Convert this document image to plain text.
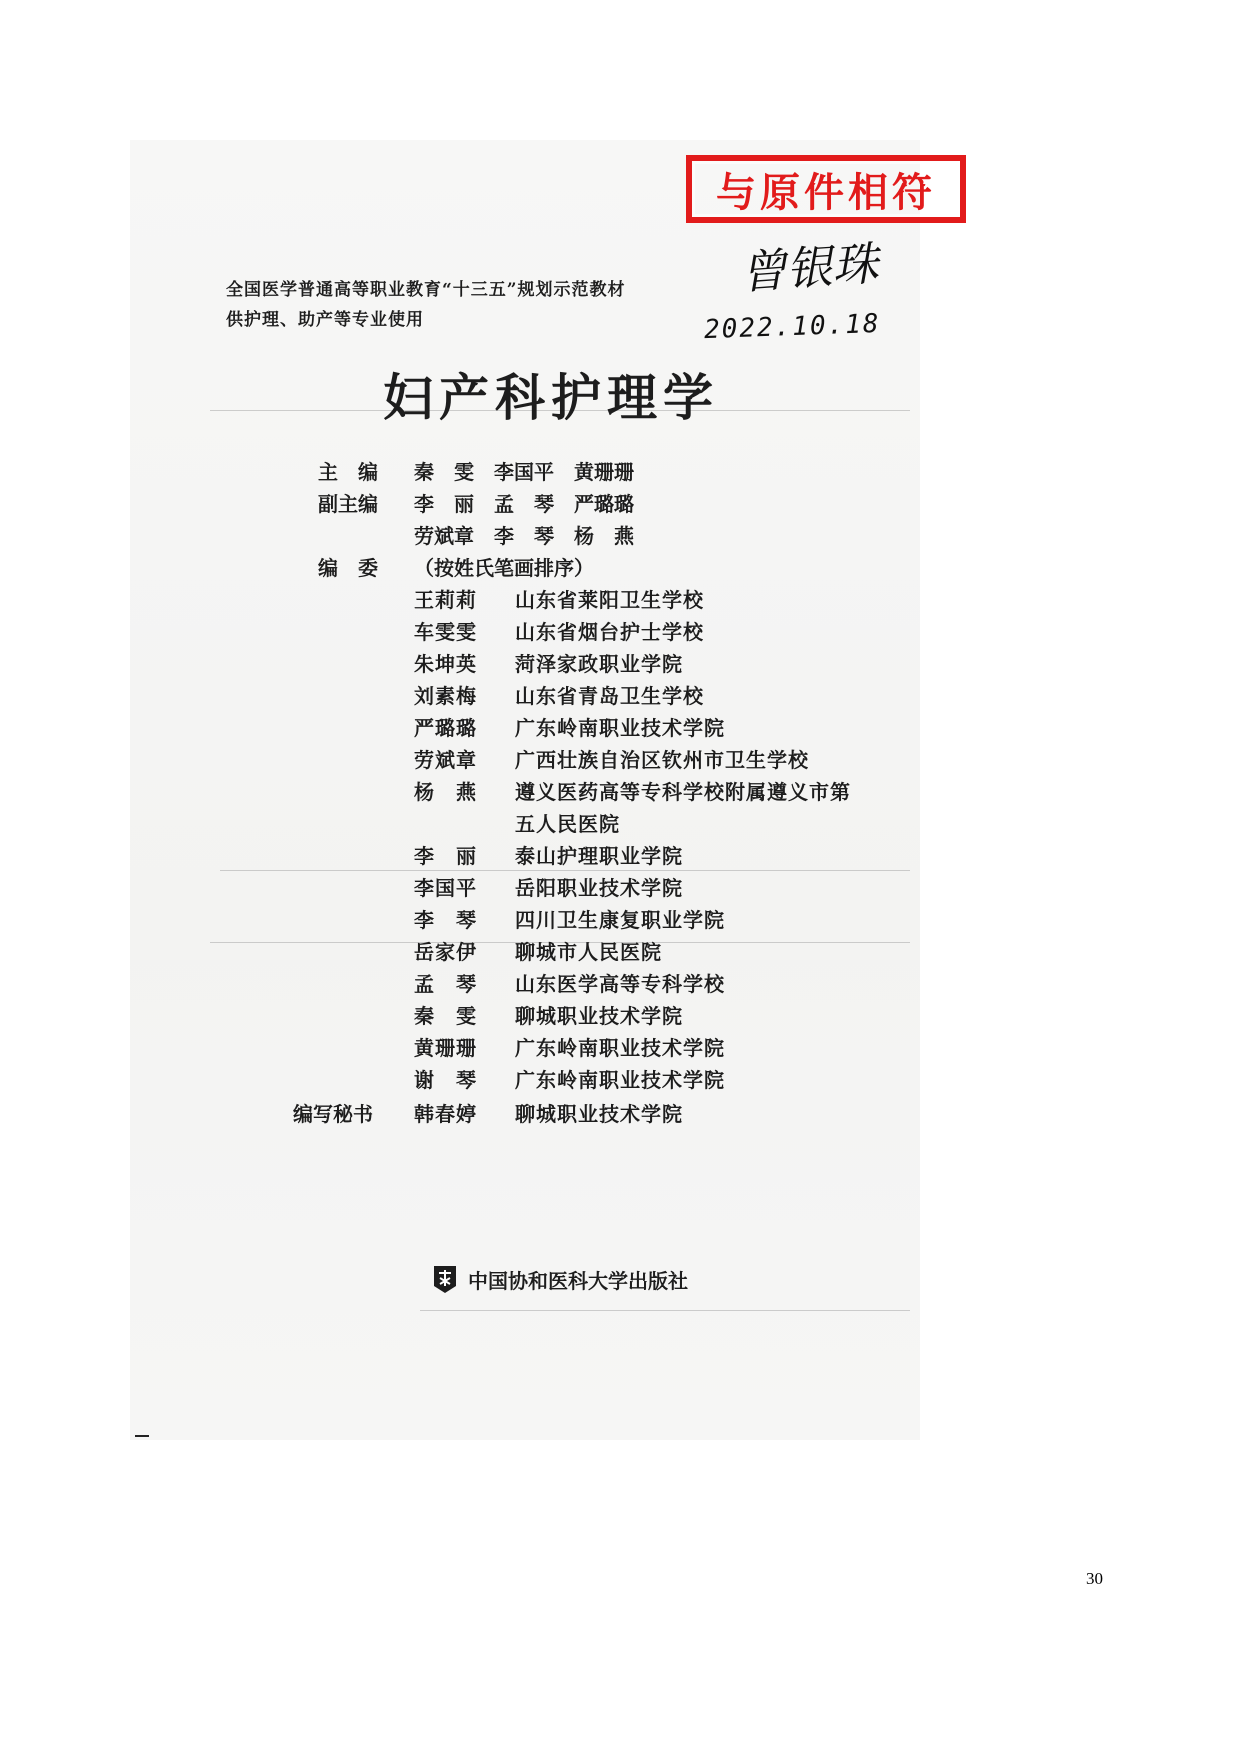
全国医学普通高等职业教育“十三五”规划示范教材
供护理、助产等专业使用
妇产科护理学
主　编 秦　雯　李国平　黄珊珊
副主编 李　丽　孟　琴　严璐璐
劳斌章　李　琴　杨　燕
编　委 （按姓氏笔画排序）
王莉莉 山东省莱阳卫生学校
车雯雯 山东省烟台护士学校
朱坤英 菏泽家政职业学院
刘素梅 山东省青岛卫生学校
严璐璐 广东岭南职业技术学院
劳斌章 广西壮族自治区钦州市卫生学校
杨　燕 遵义医药高等专科学校附属遵义市第
五人民医院
李　丽 泰山护理职业学院
李国平 岳阳职业技术学院
李　琴 四川卫生康复职业学院
岳家伊 聊城市人民医院
孟　琴 山东医学高等专科学校
秦　雯 聊城职业技术学院
黄珊珊 广东岭南职业技术学院
谢　琴 广东岭南职业技术学院
编写秘书 韩春婷 聊城职业技术学院
中国协和医科大学出版社
与原件相符
曾银珠
2022.10.18
30
